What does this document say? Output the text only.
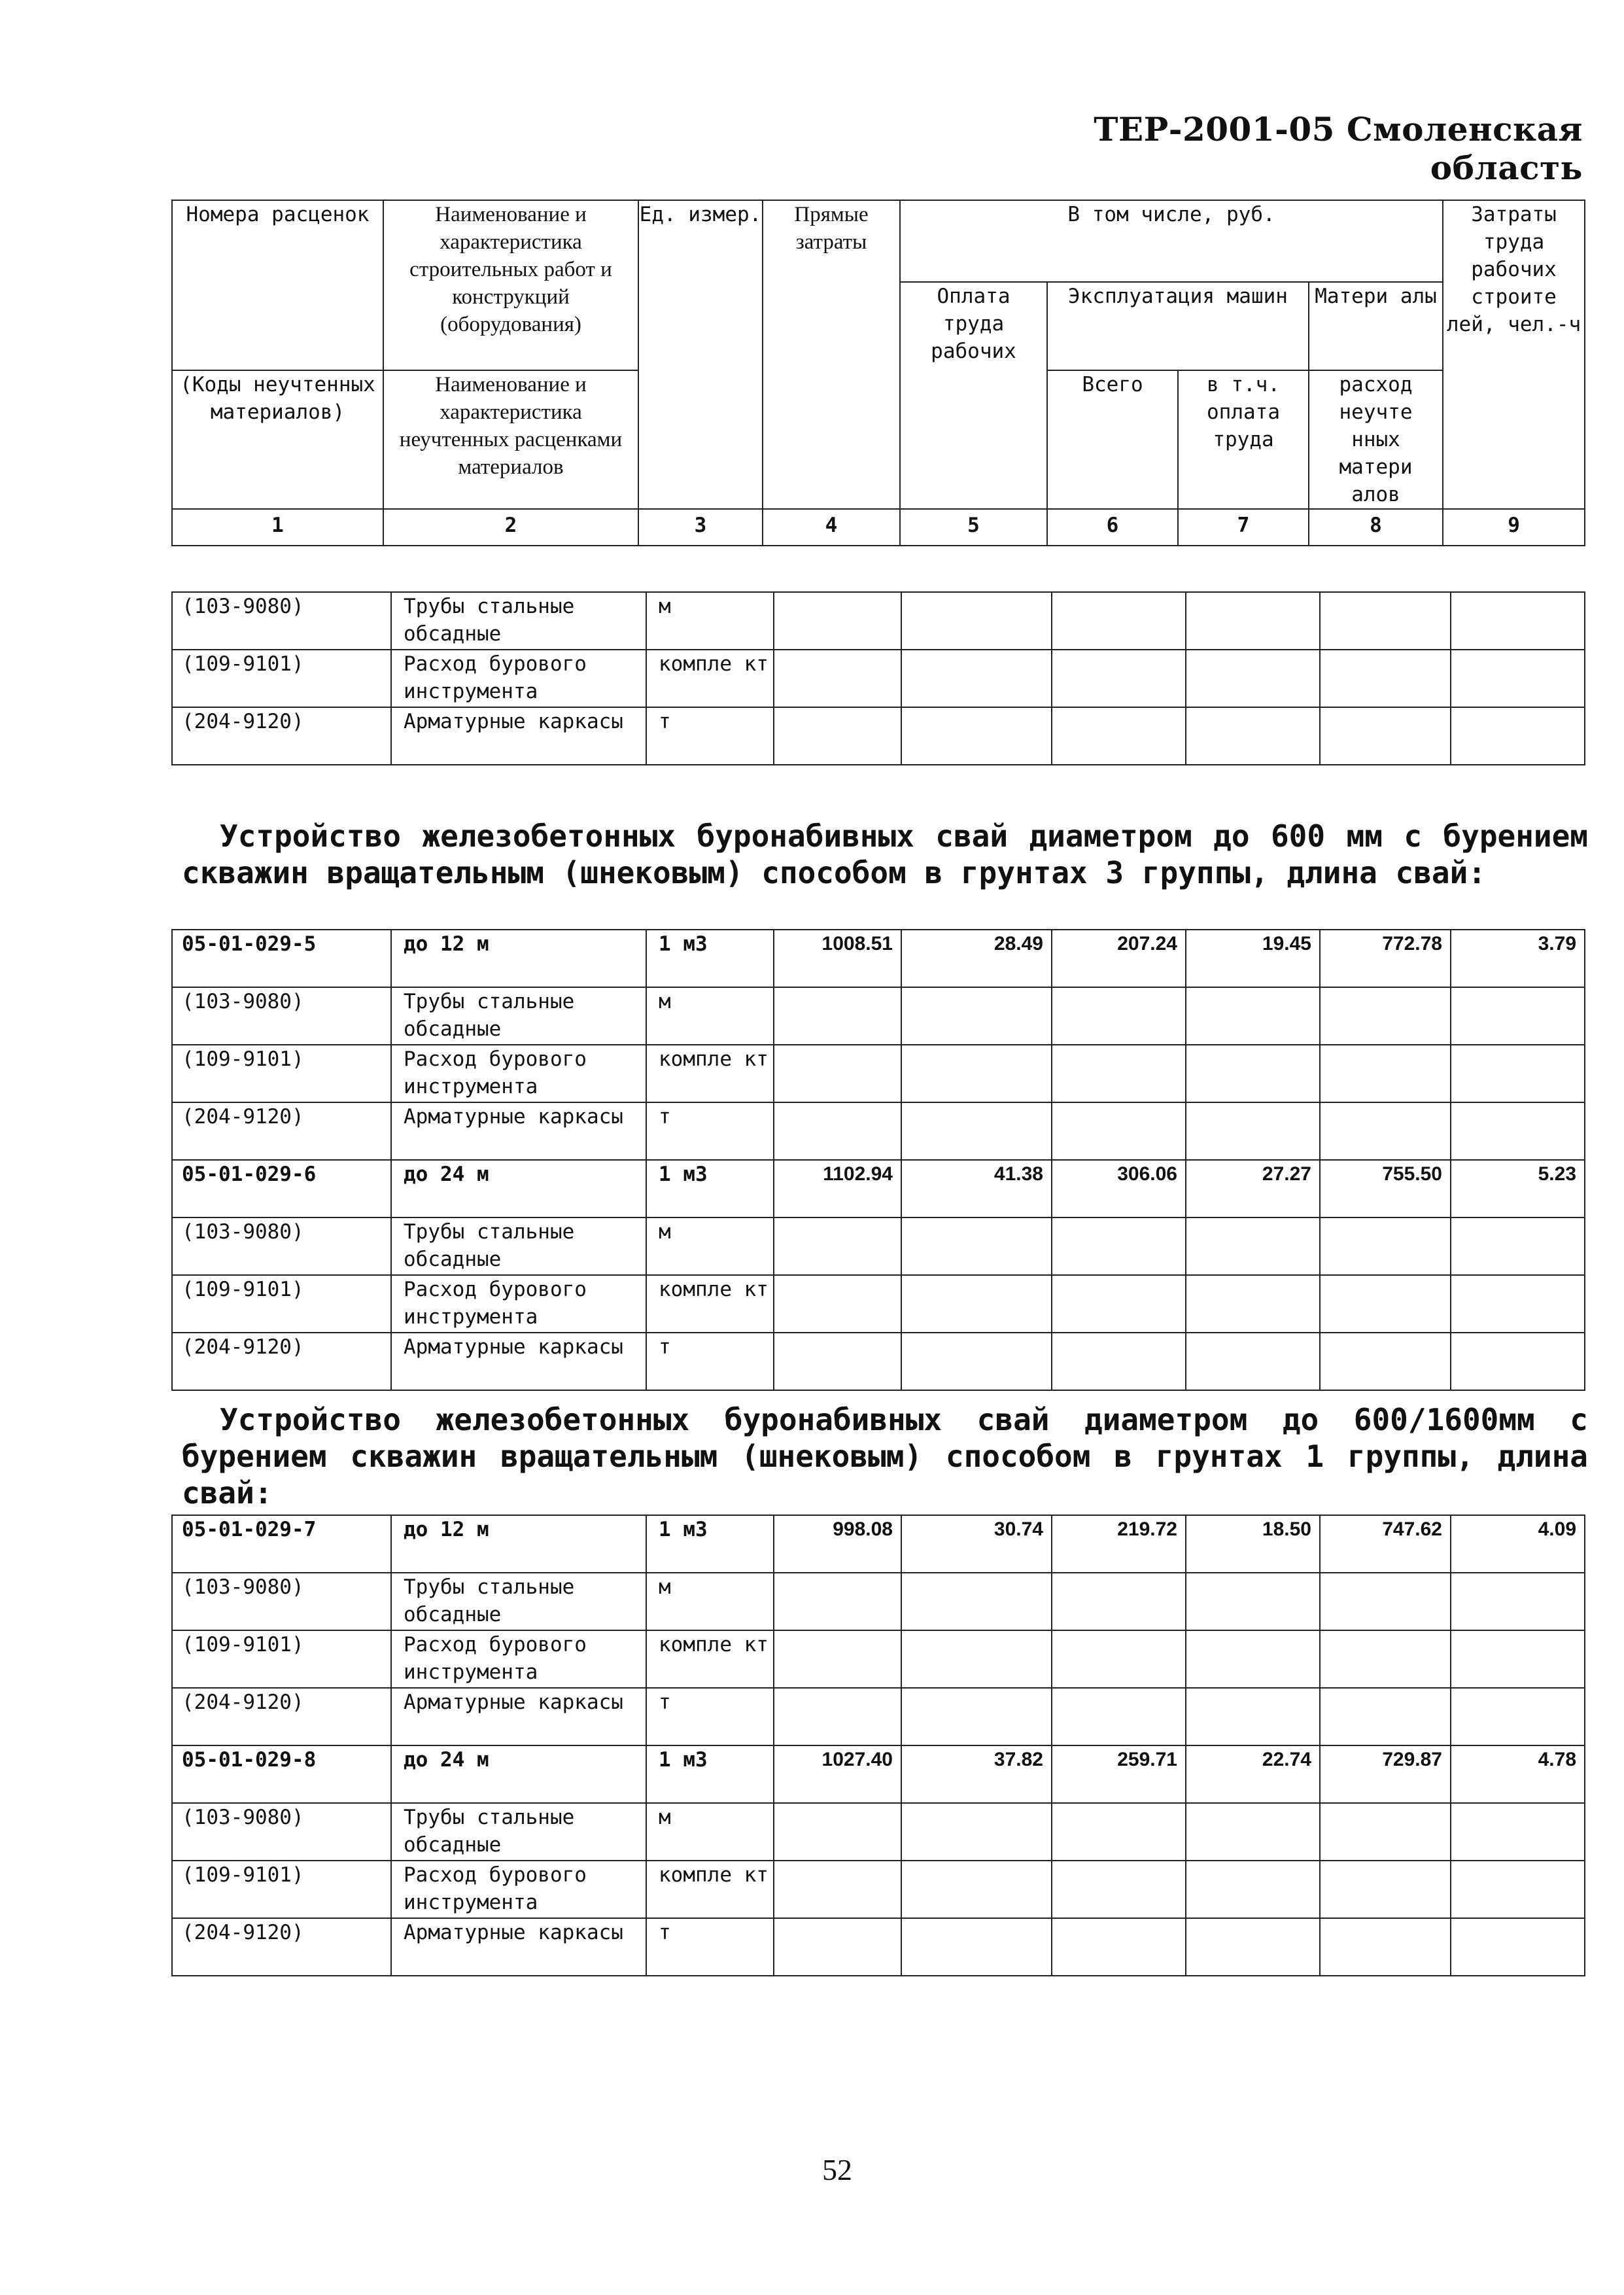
ТЕР-2001-05 Смоленская область
Номера расценок	Наименование и характеристика строительных работ и конструкций (оборудования)	Ед. измер.	Прямые затраты	В том числе, руб.				Затраты труда рабочих строите лей, чел.-ч
				Оплата труда рабочих	Эксплуатация машин		Матери алы	
(Коды неучтенных материалов)	Наименование и характеристика неучтенных расценками материалов				Всего	в т.ч. оплата труда	расход неучте нных матери алов	

1	2	3	4	5	6	7	8	9
(103-9080)	Трубы стальные обсадные	м						
(109-9101)	Расход бурового инструмента	компле кт						
(204-9120)	Арматурные каркасы	т						
Устройство железобетонных буронабивных свай диаметром до 600 мм с бурением скважин вращательным (шнековым) способом в грунтах 3 группы, длина свай:
05-01-029-5	до 12 м	1 м3	1008.51	28.49	207.24	19.45	772.78	3.79
(103-9080)	Трубы стальные обсадные	м						
(109-9101)	Расход бурового инструмента	компле кт						
(204-9120)	Арматурные каркасы	т						
05-01-029-6	до 24 м	1 м3	1102.94	41.38	306.06	27.27	755.50	5.23
(103-9080)	Трубы стальные обсадные	м						
(109-9101)	Расход бурового инструмента	компле кт						
(204-9120)	Арматурные каркасы	т						
Устройство железобетонных буронабивных свай диаметром до 600/1600мм с бурением скважин вращательным (шнековым) способом в грунтах 1 группы, длина свай:
05-01-029-7	до 12 м	1 м3	998.08	30.74	219.72	18.50	747.62	4.09
(103-9080)	Трубы стальные обсадные	м						
(109-9101)	Расход бурового инструмента	компле кт						
(204-9120)	Арматурные каркасы	т						
05-01-029-8	до 24 м	1 м3	1027.40	37.82	259.71	22.74	729.87	4.78
(103-9080)	Трубы стальные обсадные	м						
(109-9101)	Расход бурового инструмента	компле кт						
(204-9120)	Арматурные каркасы	т						
52
